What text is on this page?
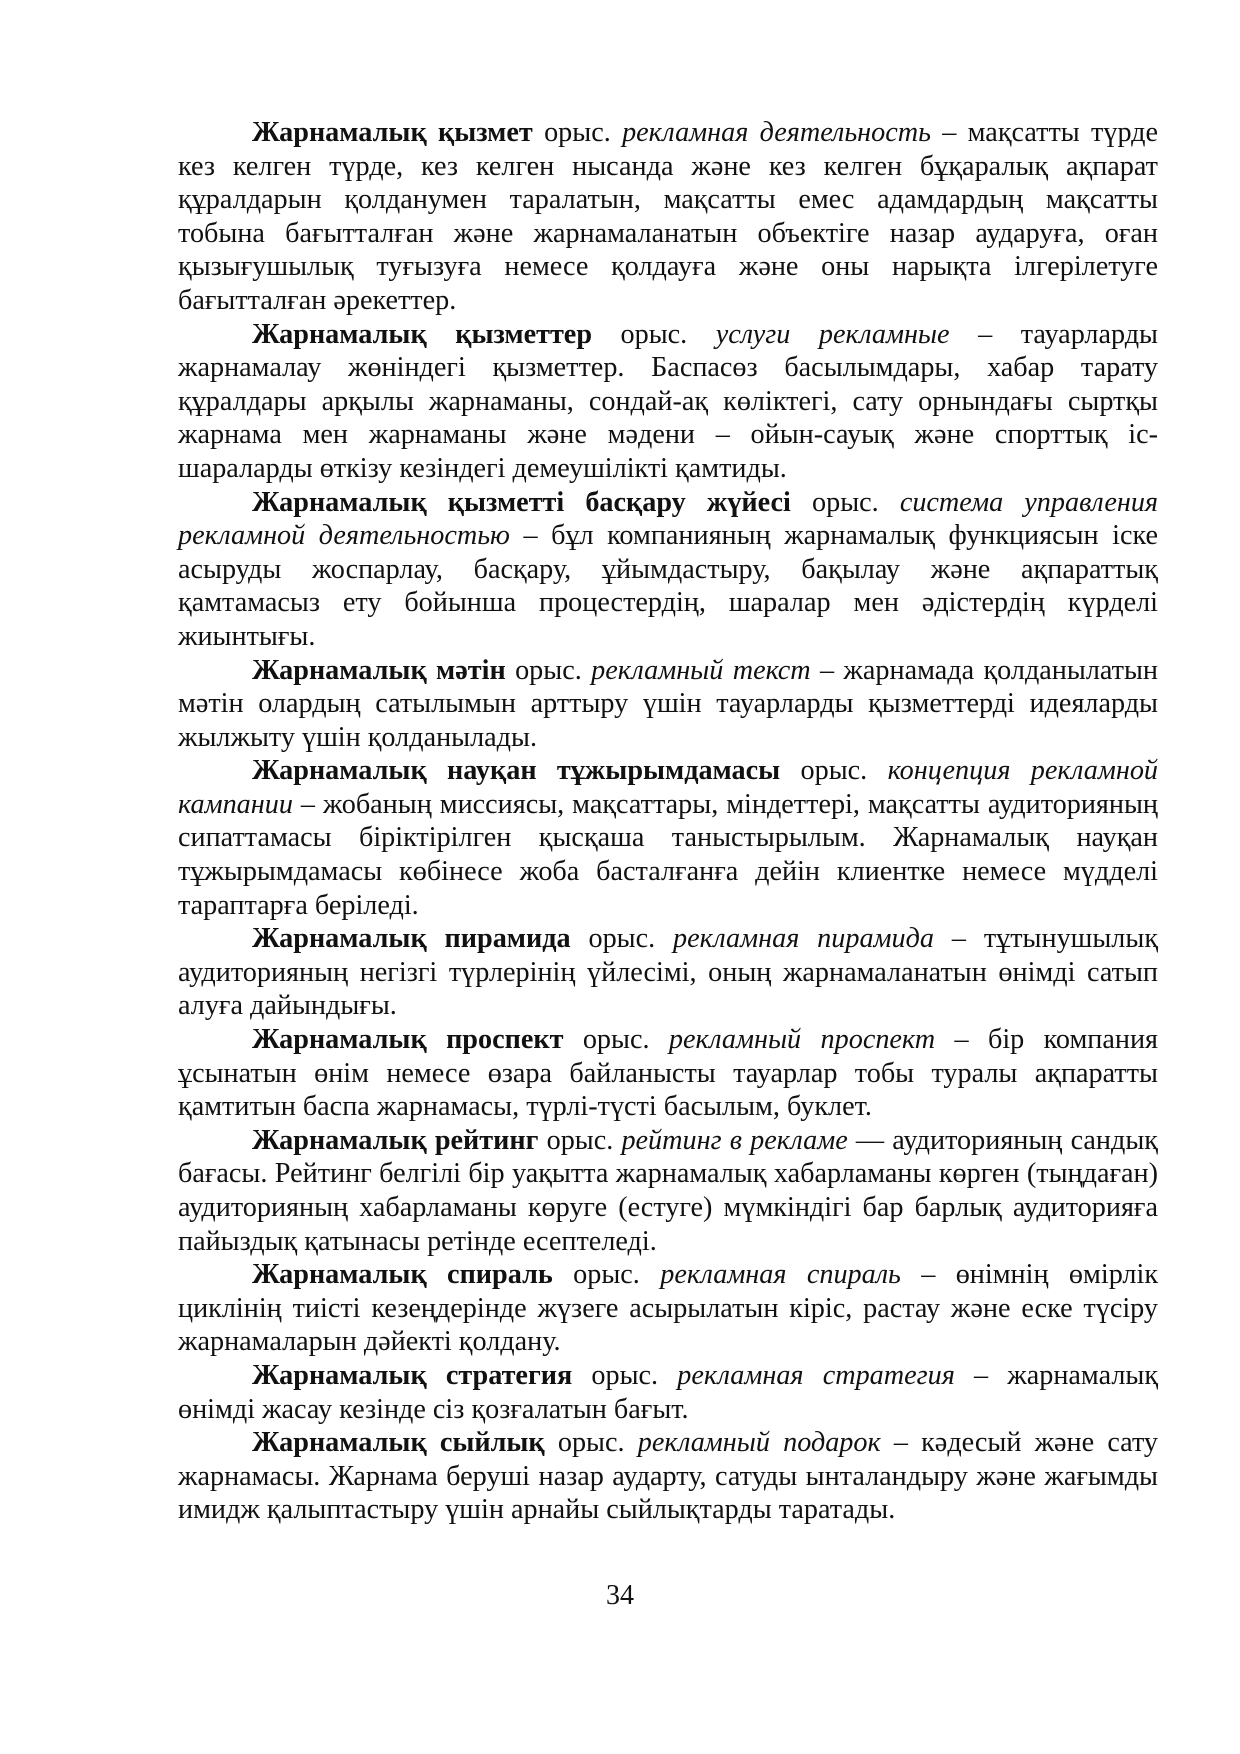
Жарнамалық қызмет орыс. рекламная деятельность – мақсатты түрде кез келген түрде, кез келген нысанда және кез келген бұқаралық ақпарат құралдарын қолданумен таралатын, мақсатты емес адамдардың мақсатты тобына бағытталған және жарнамаланатын объектіге назар аударуға, оған қызығушылық туғызуға немесе қолдауға және оны нарықта ілгерілетуге бағытталған әрекеттер.

Жарнамалық қызметтер орыс. услуги рекламные – тауарларды жарнамалау жөніндегі қызметтер. Баспасөз басылымдары, хабар тарату құралдары арқылы жарнаманы, сондай-ақ көліктегі, сату орнындағы сыртқы жарнама мен жарнаманы және мәдени – ойын-сауық және спорттық іс-шараларды өткізу кезіндегі демеушілікті қамтиды.

Жарнамалық қызметті басқару жүйесі орыс. система управления рекламной деятельностью – бұл компанияның жарнамалық функциясын іске асыруды жоспарлау, басқару, ұйымдастыру, бақылау және ақпараттық қамтамасыз ету бойынша процестердің, шаралар мен әдістердің күрделі жиынтығы.

Жарнамалық мәтін орыс. рекламный текст – жарнамада қолданылатын мәтін олардың сатылымын арттыру үшін тауарларды қызметтерді идеяларды жылжыту үшін қолданылады.

Жарнамалық науқан тұжырымдамасы орыс. концепция рекламной кампании – жобаның миссиясы, мақсаттары, міндеттері, мақсатты аудиторияның сипаттамасы біріктірілген қысқаша таныстырылым. Жарнамалық науқан тұжырымдамасы көбінесе жоба басталғанға дейін клиентке немесе мүдделі тараптарға беріледі.

Жарнамалық пирамида орыс. рекламная пирамида – тұтынушылық аудиторияның негізгі түрлерінің үйлесімі, оның жарнамаланатын өнімді сатып алуға дайындығы.

Жарнамалық проспект орыс. рекламный проспект – бір компания ұсынатын өнім немесе өзара байланысты тауарлар тобы туралы ақпаратты қамтитын баспа жарнамасы, түрлі-түсті басылым, буклет.

Жарнамалық рейтинг орыс. рейтинг в рекламе — аудиторияның сандық бағасы. Рейтинг белгілі бір уақытта жарнамалық хабарламаны көрген (тыңдаған) аудиторияның хабарламаны көруге (естуге) мүмкіндігі бар барлық аудиторияға пайыздық қатынасы ретінде есептеледі.

Жарнамалық спираль орыс. рекламная спираль – өнімнің өмірлік циклінің тиісті кезеңдерінде жүзеге асырылатын кіріс, растау және еске түсіру жарнамаларын дәйекті қолдану.

Жарнамалық стратегия орыс. рекламная стратегия – жарнамалық өнімді жасау кезінде сіз қозғалатын бағыт.

Жарнамалық сыйлық орыс. рекламный подарок – кәдесый және сату жарнамасы. Жарнама беруші назар аударту, сатуды ынталандыру және жағымды имидж қалыптастыру үшін арнайы сыйлықтарды таратады.

34
